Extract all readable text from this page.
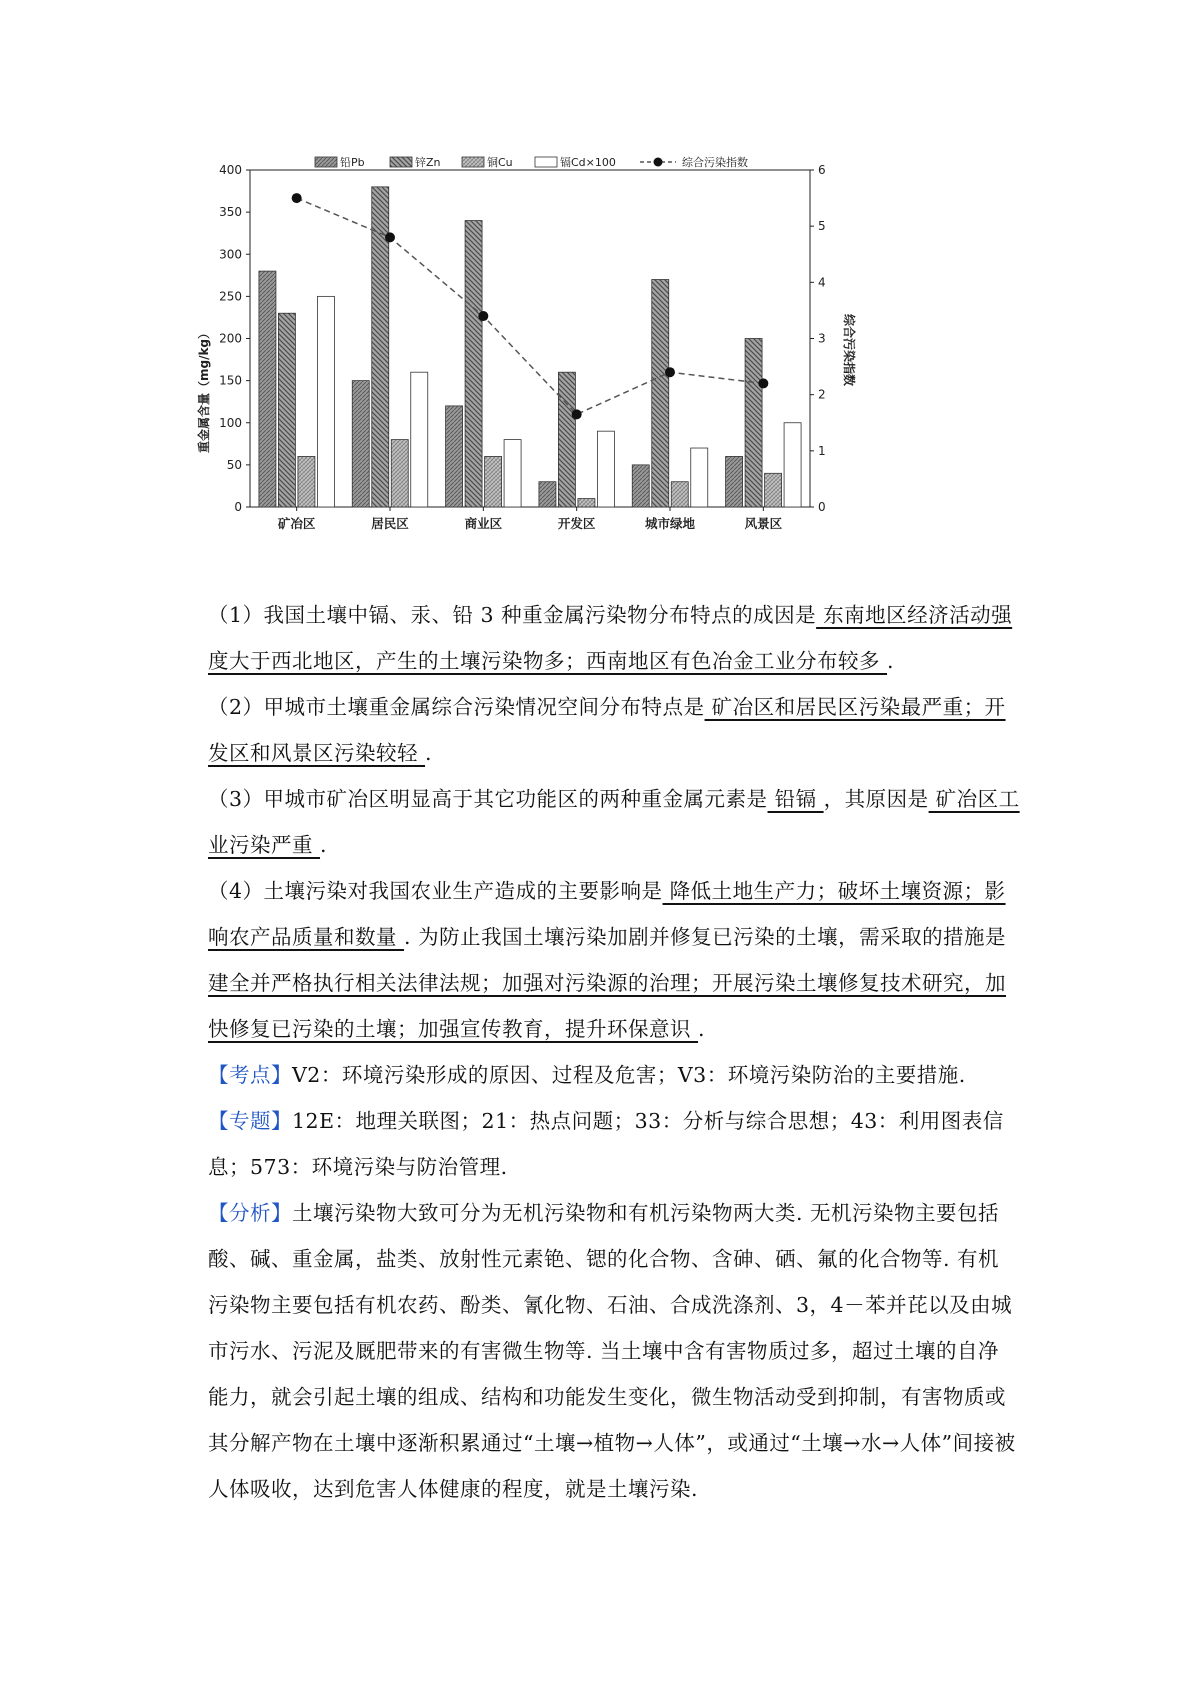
铅Pb	锌Zn	铜Cu	镉Cd×100	综合污染指数
0
50
100
150
200
250
300
350
400
0
1
2
3
4
5
6
矿冶区	居民区	商业区	开发区	城市绿地	风景区
重金属含量（mg/kg）	综合污染指数

（1）我国土壤中镉、汞、铅 3 种重金属污染物分布特点的成因是 东南地区经济活动强度大于西北地区，产生的土壤污染物多；西南地区有色冶金工业分布较多 .

（2）甲城市土壤重金属综合污染情况空间分布特点是 矿冶区和居民区污染最严重；开发区和风景区污染较轻 .

（3）甲城市矿冶区明显高于其它功能区的两种重金属元素是 铅镉 ，其原因是 矿冶区工业污染严重 .

（4）土壤污染对我国农业生产造成的主要影响是 降低土地生产力；破坏土壤资源；影响农产品质量和数量 . 为防止我国土壤污染加剧并修复已污染的土壤，需采取的措施是 建全并严格执行相关法律法规；加强对污染源的治理；开展污染土壤修复技术研究，加快修复已污染的土壤；加强宣传教育，提升环保意识 .

【考点】V2：环境污染形成的原因、过程及危害；V3：环境污染防治的主要措施.

【专题】12E：地理关联图；21：热点问题；33：分析与综合思想；43：利用图表信息；573：环境污染与防治管理.

【分析】土壤污染物大致可分为无机污染物和有机污染物两大类. 无机污染物主要包括酸、碱、重金属，盐类、放射性元素铯、锶的化合物、含砷、硒、氟的化合物等. 有机污染物主要包括有机农药、酚类、氰化物、石油、合成洗涤剂、3，4－苯并芘以及由城市污水、污泥及厩肥带来的有害微生物等. 当土壤中含有害物质过多，超过土壤的自净能力，就会引起土壤的组成、结构和功能发生变化，微生物活动受到抑制，有害物质或其分解产物在土壤中逐渐积累通过“土壤→植物→人体”，或通过“土壤→水→人体”间接被人体吸收，达到危害人体健康的程度，就是土壤污染.
